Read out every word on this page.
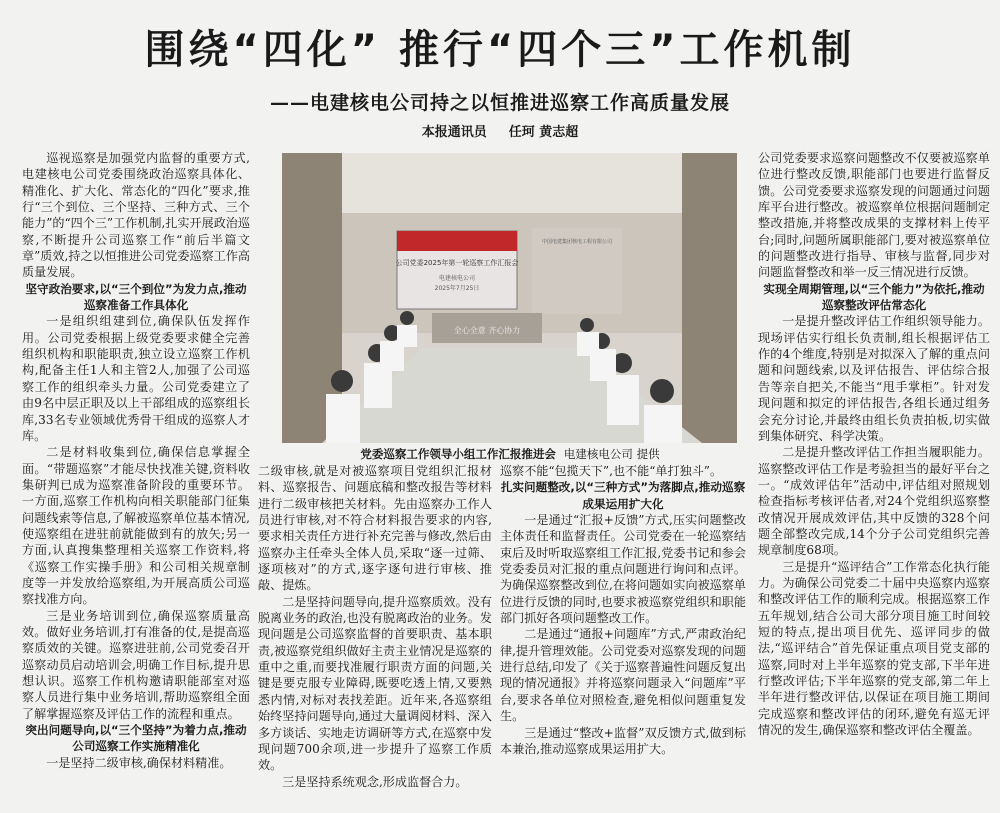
围绕“四化” 推行“四个三”工作机制
——电建核电公司持之以恒推进巡察工作高质量发展
本报通讯员 任珂 黄志超

巡视巡察是加强党内监督的重要方式,电建核电公司党委围绕政治巡察具体化、精准化、扩大化、常态化的“四化”要求,推行“三个到位、三个坚持、三种方式、三个能力”的“四个三”工作机制,扎实开展政治巡察,不断提升公司巡察工作“前后半篇文章”质效,持之以恒推进公司党委巡察工作高质量发展。

坚守政治要求,以“三个到位”为发力点,推动巡察准备工作具体化

一是组织组建到位,确保队伍发挥作用。公司党委根据上级党委要求健全完善组织机构和职能职责,独立设立巡察工作机构,配备主任1人和主管2人,加强了公司巡察工作的组织牵头力量。公司党委建立了由9名中层正职及以上干部组成的巡察组长库,33名专业领域优秀骨干组成的巡察人才库。

二是材料收集到位,确保信息掌握全面。“带题巡察”才能尽快找准关键,资料收集研判已成为巡察准备阶段的重要环节。一方面,巡察工作机构向相关职能部门征集问题线索等信息,了解被巡察单位基本情况,使巡察组在进驻前就能做到有的放矢;另一方面,认真搜集整理相关巡察工作资料,将《巡察工作实操手册》和公司相关规章制度等一并发放给巡察组,为开展高质公司巡察找准方向。

三是业务培训到位,确保巡察质量高效。做好业务培训,打有准备的仗,是提高巡察质效的关键。巡察进驻前,公司党委召开巡察动员启动培训会,明确工作目标,提升思想认识。巡察工作机构邀请职能部室对巡察人员进行集中业务培训,帮助巡察组全面了解掌握巡察及评估工作的流程和重点。

突出问题导向,以“三个坚持”为着力点,推动公司巡察工作实施精准化

一是坚持二级审核,确保材料精准。

公司党委2025年第一轮巡察工作汇报会
电建核电公司
2025年7月25日
中国电建集团核电工程有限公司
全心全意 齐心协力
党委巡察工作领导小组工作汇报推进会 电建核电公司 提供

二级审核,就是对被巡察项目党组织汇报材料、巡察报告、问题底稿和整改报告等材料进行二级审核把关材料。先由巡察办工作人员进行审核,对不符合材料报告要求的内容,要求相关责任方进行补充完善与修改,然后由巡察办主任牵头全体人员,采取“逐一过筛、逐项核对”的方式,逐字逐句进行审核、推敲、提炼。

二是坚持问题导向,提升巡察质效。没有脱离业务的政治,也没有脱离政治的业务。发现问题是公司巡察监督的首要职责、基本职责,被巡察党组织做好主责主业情况是巡察的重中之重,而要找准履行职责方面的问题,关键是要克服专业障碍,既要吃透上情,又要熟悉内情,对标对表找差距。近年来,各巡察组始终坚持问题导向,通过大量调阅材料、深入多方谈话、实地走访调研等方式,在巡察中发现问题700余项,进一步提升了巡察工作质效。

三是坚持系统观念,形成监督合力。

巡察不能“包揽天下”,也不能“单打独斗”。

扎实问题整改,以“三种方式”为落脚点,推动巡察成果运用扩大化

一是通过“汇报+反馈”方式,压实问题整改主体责任和监督责任。公司党委在一轮巡察结束后及时听取巡察组工作汇报,党委书记和参会党委委员对汇报的重点问题进行询问和点评。为确保巡察整改到位,在将问题如实向被巡察单位进行反馈的同时,也要求被巡察党组织和职能部门抓好各项问题整改工作。

二是通过“通报+问题库”方式,严肃政治纪律,提升管理效能。公司党委对巡察发现的问题进行总结,印发了《关于巡察普遍性问题反复出现的情况通报》并将巡察问题录入“问题库”平台,要求各单位对照检查,避免相似问题重复发生。

三是通过“整改+监督”双反馈方式,做到标本兼治,推动巡察成果运用扩大。

公司党委要求巡察问题整改不仅要被巡察单位进行整改反馈,职能部门也要进行监督反馈。公司党委要求巡察发现的问题通过问题库平台进行整改。被巡察单位根据问题制定整改措施,并将整改成果的支撑材料上传平台;同时,问题所属职能部门,要对被巡察单位的问题整改进行指导、审核与监督,同步对问题监督整改和举一反三情况进行反馈。

实现全周期管理,以“三个能力”为依托,推动巡察整改评估常态化

一是提升整改评估工作组织领导能力。现场评估实行组长负责制,组长根据评估工作的4个维度,特别是对拟深入了解的重点问题和问题线索,以及评估报告、评估综合报告等亲自把关,不能当“甩手掌柜”。针对发现问题和拟定的评估报告,各组长通过组务会充分讨论,并最终由组长负责拍板,切实做到集体研究、科学决策。

二是提升整改评估工作担当履职能力。巡察整改评估工作是考验担当的最好平台之一。“成效评估年”活动中,评估组对照规划检查指标考核评估者,对24个党组织巡察整改情况开展成效评估,其中反馈的328个问题全部整改完成,14个分子公司党组织完善规章制度68项。

三是提升“巡评结合”工作常态化执行能力。为确保公司党委二十届中央巡察内巡察和整改评估工作的顺利完成。根据巡察工作五年规划,结合公司大部分项目施工时间较短的特点,提出项目优先、巡评同步的做法,“巡评结合”首先保证重点项目党支部的巡察,同时对上半年巡察的党支部,下半年进行整改评估;下半年巡察的党支部,第二年上半年进行整改评估,以保证在项目施工期间完成巡察和整改评估的闭环,避免有巡无评情况的发生,确保巡察和整改评估全覆盖。
